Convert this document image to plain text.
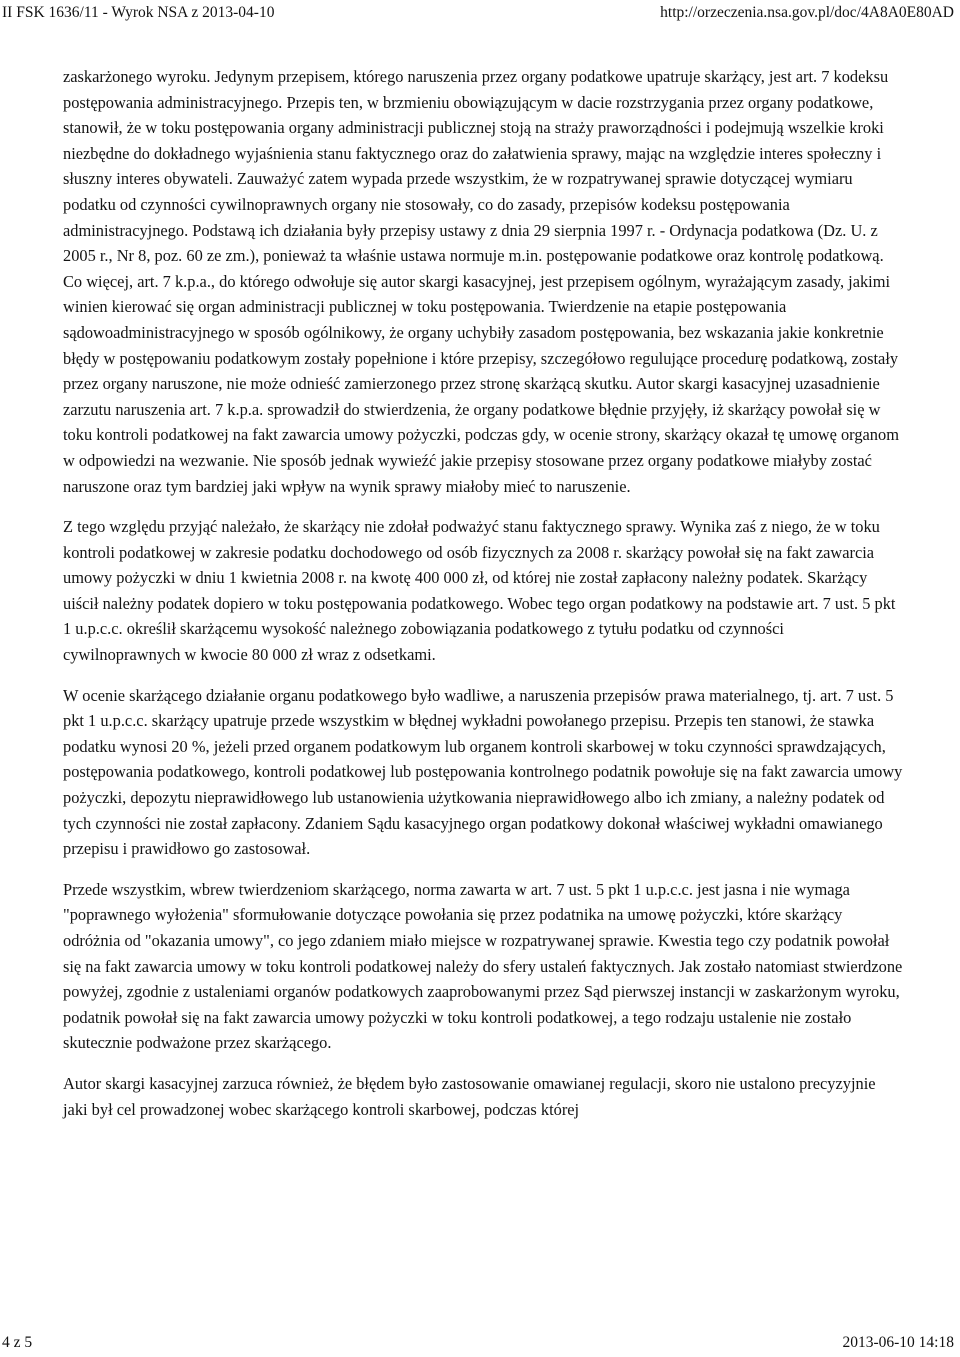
II FSK 1636/11 - Wyrok NSA z 2013-04-10	http://orzeczenia.nsa.gov.pl/doc/4A8A0E80AD

zaskarżonego wyroku. Jedynym przepisem, którego naruszenia przez organy podatkowe upatruje skarżący, jest art. 7 kodeksu postępowania administracyjnego. Przepis ten, w brzmieniu obowiązującym w dacie rozstrzygania przez organy podatkowe, stanowił, że w toku postępowania organy administracji publicznej stoją na straży praworządności i podejmują wszelkie kroki niezbędne do dokładnego wyjaśnienia stanu faktycznego oraz do załatwienia sprawy, mając na względzie interes społeczny i słuszny interes obywateli. Zauważyć zatem wypada przede wszystkim, że w rozpatrywanej sprawie dotyczącej wymiaru podatku od czynności cywilnoprawnych organy nie stosowały, co do zasady, przepisów kodeksu postępowania administracyjnego. Podstawą ich działania były przepisy ustawy z dnia 29 sierpnia 1997 r. - Ordynacja podatkowa (Dz. U. z 2005 r., Nr 8, poz. 60 ze zm.), ponieważ ta właśnie ustawa normuje m.in. postępowanie podatkowe oraz kontrolę podatkową. Co więcej, art. 7 k.p.a., do którego odwołuje się autor skargi kasacyjnej, jest przepisem ogólnym, wyrażającym zasady, jakimi winien kierować się organ administracji publicznej w toku postępowania. Twierdzenie na etapie postępowania sądowoadministracyjnego w sposób ogólnikowy, że organy uchybiły zasadom postępowania, bez wskazania jakie konkretnie błędy w postępowaniu podatkowym zostały popełnione i które przepisy, szczegółowo regulujące procedurę podatkową, zostały przez organy naruszone, nie może odnieść zamierzonego przez stronę skarżącą skutku. Autor skargi kasacyjnej uzasadnienie zarzutu naruszenia art. 7 k.p.a. sprowadził do stwierdzenia, że organy podatkowe błędnie przyjęły, iż skarżący powołał się w toku kontroli podatkowej na fakt zawarcia umowy pożyczki, podczas gdy, w ocenie strony, skarżący okazał tę umowę organom w odpowiedzi na wezwanie. Nie sposób jednak wywieźć jakie przepisy stosowane przez organy podatkowe miałyby zostać naruszone oraz tym bardziej jaki wpływ na wynik sprawy miałoby mieć to naruszenie.

Z tego względu przyjąć należało, że skarżący nie zdołał podważyć stanu faktycznego sprawy. Wynika zaś z niego, że w toku kontroli podatkowej w zakresie podatku dochodowego od osób fizycznych za 2008 r. skarżący powołał się na fakt zawarcia umowy pożyczki w dniu 1 kwietnia 2008 r. na kwotę 400 000 zł, od której nie został zapłacony należny podatek. Skarżący uiścił należny podatek dopiero w toku postępowania podatkowego. Wobec tego organ podatkowy na podstawie art. 7 ust. 5 pkt 1 u.p.c.c. określił skarżącemu wysokość należnego zobowiązania podatkowego z tytułu podatku od czynności cywilnoprawnych w kwocie 80 000 zł wraz z odsetkami.

W ocenie skarżącego działanie organu podatkowego było wadliwe, a naruszenia przepisów prawa materialnego, tj. art. 7 ust. 5 pkt 1 u.p.c.c. skarżący upatruje przede wszystkim w błędnej wykładni powołanego przepisu. Przepis ten stanowi, że stawka podatku wynosi 20 %, jeżeli przed organem podatkowym lub organem kontroli skarbowej w toku czynności sprawdzających, postępowania podatkowego, kontroli podatkowej lub postępowania kontrolnego podatnik powołuje się na fakt zawarcia umowy pożyczki, depozytu nieprawidłowego lub ustanowienia użytkowania nieprawidłowego albo ich zmiany, a należny podatek od tych czynności nie został zapłacony. Zdaniem Sądu kasacyjnego organ podatkowy dokonał właściwej wykładni omawianego przepisu i prawidłowo go zastosował.

Przede wszystkim, wbrew twierdzeniom skarżącego, norma zawarta w art. 7 ust. 5 pkt 1 u.p.c.c. jest jasna i nie wymaga "poprawnego wyłożenia" sformułowanie dotyczące powołania się przez podatnika na umowę pożyczki, które skarżący odróżnia od "okazania umowy", co jego zdaniem miało miejsce w rozpatrywanej sprawie. Kwestia tego czy podatnik powołał się na fakt zawarcia umowy w toku kontroli podatkowej należy do sfery ustaleń faktycznych. Jak zostało natomiast stwierdzone powyżej, zgodnie z ustaleniami organów podatkowych zaaprobowanymi przez Sąd pierwszej instancji w zaskarżonym wyroku, podatnik powołał się na fakt zawarcia umowy pożyczki w toku kontroli podatkowej, a tego rodzaju ustalenie nie zostało skutecznie podważone przez skarżącego.

Autor skargi kasacyjnej zarzuca również, że błędem było zastosowanie omawianej regulacji, skoro nie ustalono precyzyjnie jaki był cel prowadzonej wobec skarżącego kontroli skarbowej, podczas której

4 z 5	2013-06-10 14:18
